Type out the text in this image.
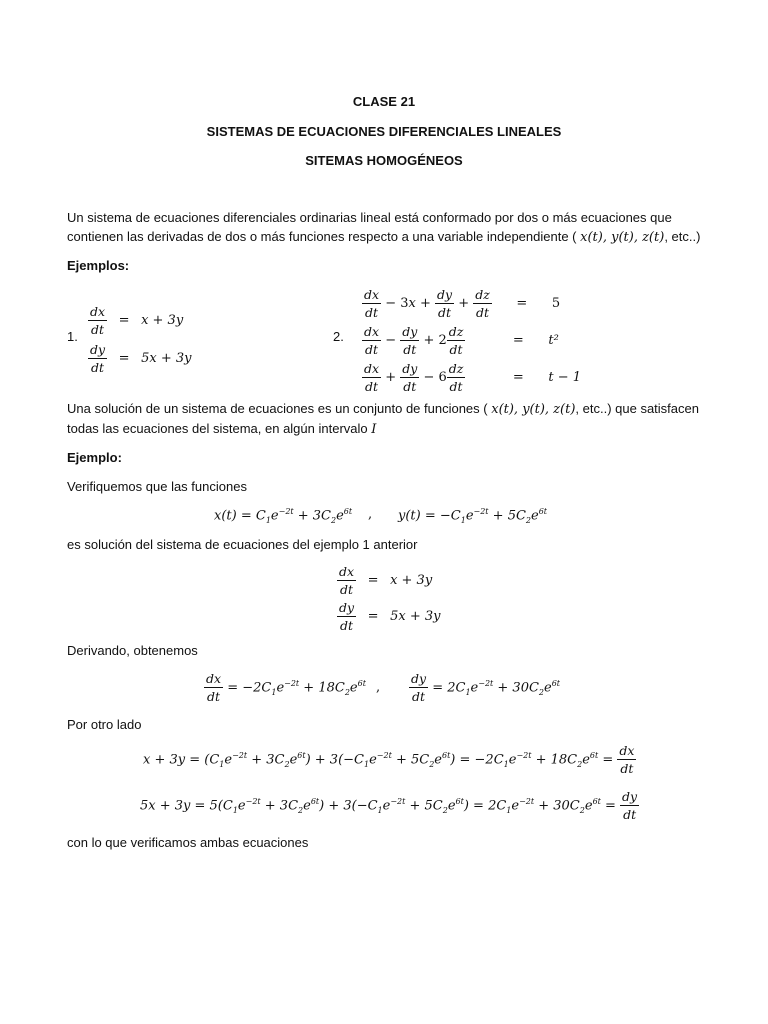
CLASE 21
SISTEMAS DE ECUACIONES DIFERENCIALES LINEALES
SITEMAS HOMOGÉNEOS
Un sistema de ecuaciones diferenciales ordinarias lineal está conformado por dos o más ecuaciones que
contienen las derivadas de dos o más funciones respecto a una variable independiente ( x(t), y(t), z(t), etc..)
Ejemplos:
1. $\frac{dx}{dt} = x + 3y$
$\frac{dy}{dt} = 5x + 3y$
2.
$\frac{dx}{dt} - 3x + \frac{dy}{dt} + \frac{dz}{dt}$	=	5
$\frac{dx}{dt} - \frac{dy}{dt} + 2 \frac{dz}{dt}$	=	t²
$\frac{dx}{dt} + \frac{dy}{dt} - 6 \frac{dz}{dt}$	=	t − 1
Una solución de un sistema de ecuaciones es un conjunto de funciones ( x(t), y(t), z(t), etc..) que satisfacen
todas las ecuaciones del sistema, en algún intervalo I
Ejemplo:
Verifiquemos que las funciones
$x(t) = C_1e^{-2t} + 3C_2e^{6t}$ , $y(t) = -C_1e^{-2t} + 5C_2e^{6t}$
es solución del sistema de ecuaciones del ejemplo 1 anterior
$\frac{dx}{dt} = x + 3y$
$\frac{dy}{dt} = 5x + 3y$
Derivando, obtenemos
$\frac{dx}{dt} = -2C_1e^{-2t} + 18C_2e^{6t}$ , $\frac{dy}{dt} = 2C_1e^{-2t} + 30C_2e^{6t}$
Por otro lado
$x + 3y = (C_1e^{-2t} + 3C_2e^{6t}) + 3(-C_1e^{-2t} + 5C_2e^{6t}) = -2C_1e^{-2t} + 18C_2e^{6t} = \frac{dx}{dt}$
$5x + 3y = 5(C_1e^{-2t} + 3C_2e^{6t}) + 3(-C_1e^{-2t} + 5C_2e^{6t}) = 2C_1e^{-2t} + 30C_2e^{6t} = \frac{dy}{dt}$
con lo que verificamos ambas ecuaciones
